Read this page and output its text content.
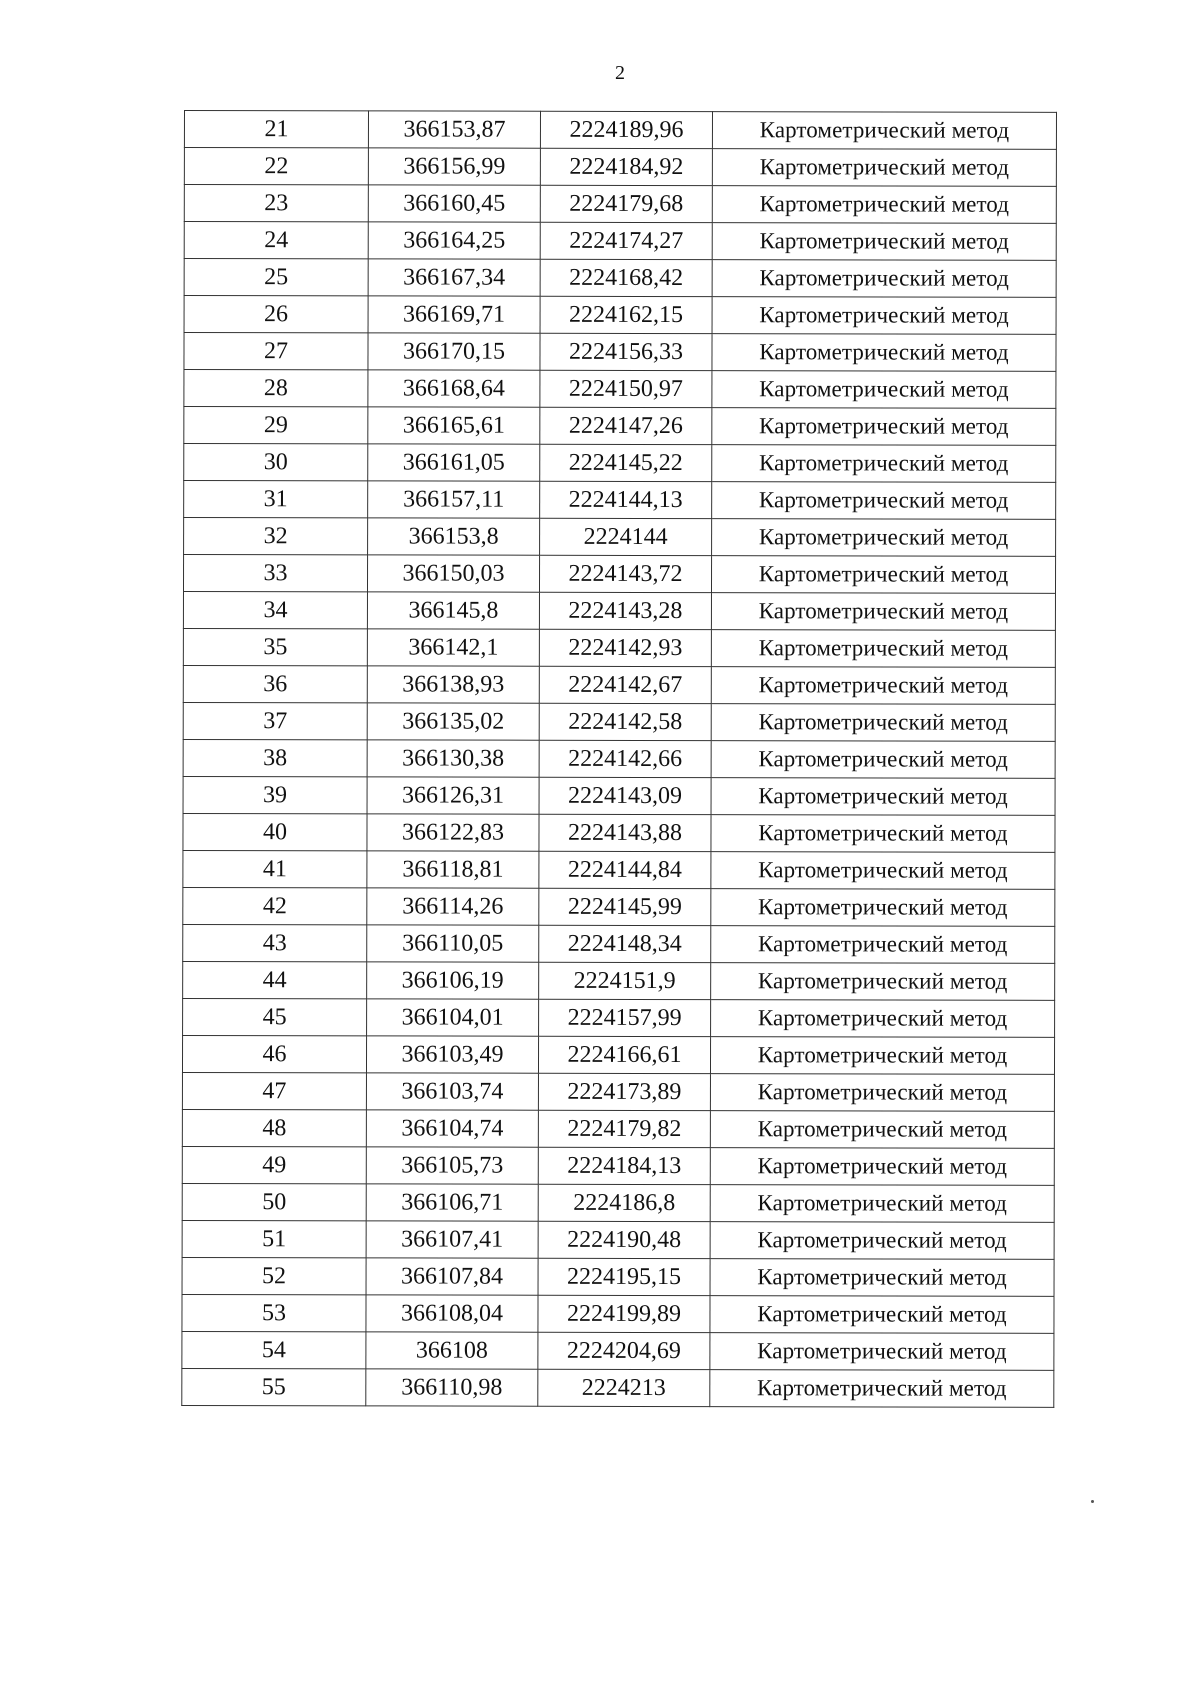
2
21	366153,87	2224189,96	Картометрический метод
22	366156,99	2224184,92	Картометрический метод
23	366160,45	2224179,68	Картометрический метод
24	366164,25	2224174,27	Картометрический метод
25	366167,34	2224168,42	Картометрический метод
26	366169,71	2224162,15	Картометрический метод
27	366170,15	2224156,33	Картометрический метод
28	366168,64	2224150,97	Картометрический метод
29	366165,61	2224147,26	Картометрический метод
30	366161,05	2224145,22	Картометрический метод
31	366157,11	2224144,13	Картометрический метод
32	366153,8	2224144	Картометрический метод
33	366150,03	2224143,72	Картометрический метод
34	366145,8	2224143,28	Картометрический метод
35	366142,1	2224142,93	Картометрический метод
36	366138,93	2224142,67	Картометрический метод
37	366135,02	2224142,58	Картометрический метод
38	366130,38	2224142,66	Картометрический метод
39	366126,31	2224143,09	Картометрический метод
40	366122,83	2224143,88	Картометрический метод
41	366118,81	2224144,84	Картометрический метод
42	366114,26	2224145,99	Картометрический метод
43	366110,05	2224148,34	Картометрический метод
44	366106,19	2224151,9	Картометрический метод
45	366104,01	2224157,99	Картометрический метод
46	366103,49	2224166,61	Картометрический метод
47	366103,74	2224173,89	Картометрический метод
48	366104,74	2224179,82	Картометрический метод
49	366105,73	2224184,13	Картометрический метод
50	366106,71	2224186,8	Картометрический метод
51	366107,41	2224190,48	Картометрический метод
52	366107,84	2224195,15	Картометрический метод
53	366108,04	2224199,89	Картометрический метод
54	366108	2224204,69	Картометрический метод
55	366110,98	2224213	Картометрический метод
